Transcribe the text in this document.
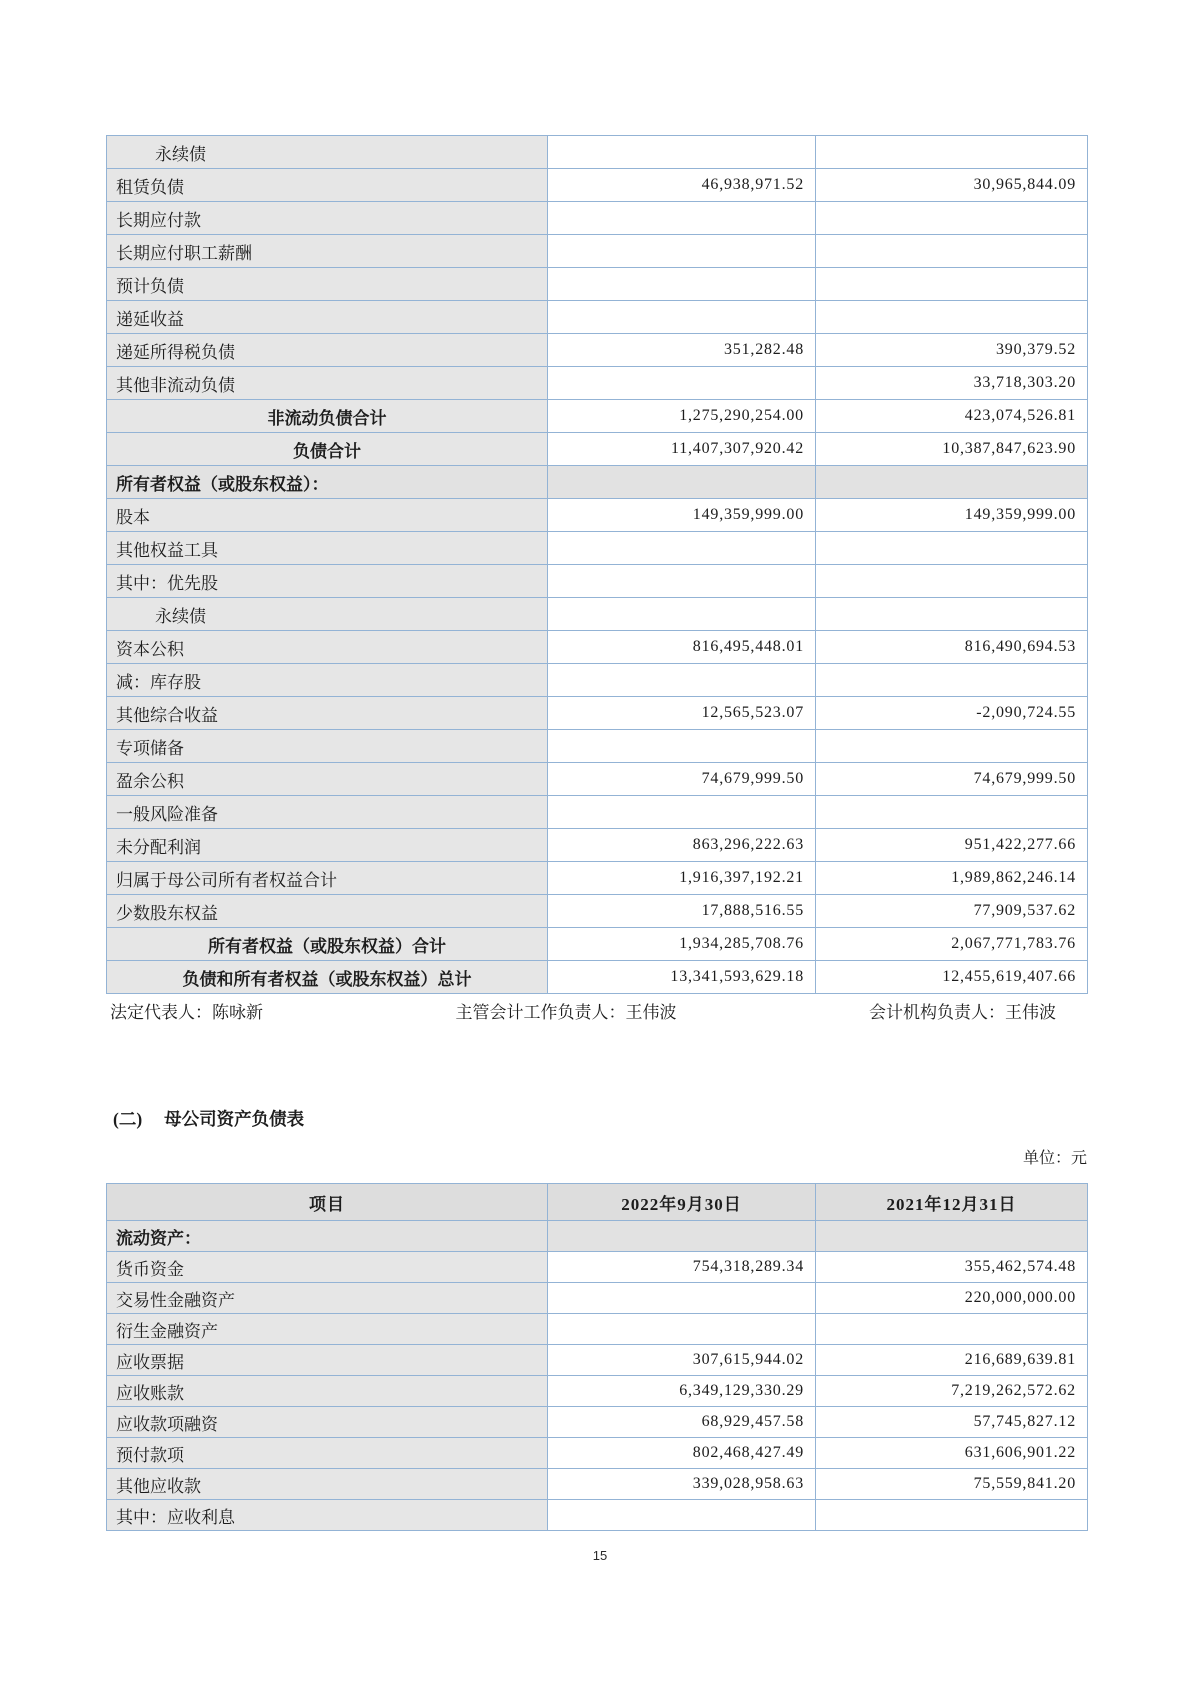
永续债		
租赁负债	46,938,971.52	30,965,844.09
长期应付款		
长期应付职工薪酬		
预计负债		
递延收益		
递延所得税负债	351,282.48	390,379.52
其他非流动负债		33,718,303.20
非流动负债合计	1,275,290,254.00	423,074,526.81
负债合计	11,407,307,920.42	10,387,847,623.90
所有者权益（或股东权益）：		
股本	149,359,999.00	149,359,999.00
其他权益工具		
其中：优先股		
永续债		
资本公积	816,495,448.01	816,490,694.53
减：库存股		
其他综合收益	12,565,523.07	-2,090,724.55
专项储备		
盈余公积	74,679,999.50	74,679,999.50
一般风险准备		
未分配利润	863,296,222.63	951,422,277.66
归属于母公司所有者权益合计	1,916,397,192.21	1,989,862,246.14
少数股东权益	17,888,516.55	77,909,537.62
所有者权益（或股东权益）合计	1,934,285,708.76	2,067,771,783.76
负债和所有者权益（或股东权益）总计	13,341,593,629.18	12,455,619,407.66
法定代表人：陈咏新	主管会计工作负责人：王伟波	会计机构负责人：王伟波
(二) 母公司资产负债表
单位：元
项目	2022年9月30日	2021年12月31日
流动资产：		
货币资金	754,318,289.34	355,462,574.48
交易性金融资产		220,000,000.00
衍生金融资产		
应收票据	307,615,944.02	216,689,639.81
应收账款	6,349,129,330.29	7,219,262,572.62
应收款项融资	68,929,457.58	57,745,827.12
预付款项	802,468,427.49	631,606,901.22
其他应收款	339,028,958.63	75,559,841.20
其中：应收利息		
15
